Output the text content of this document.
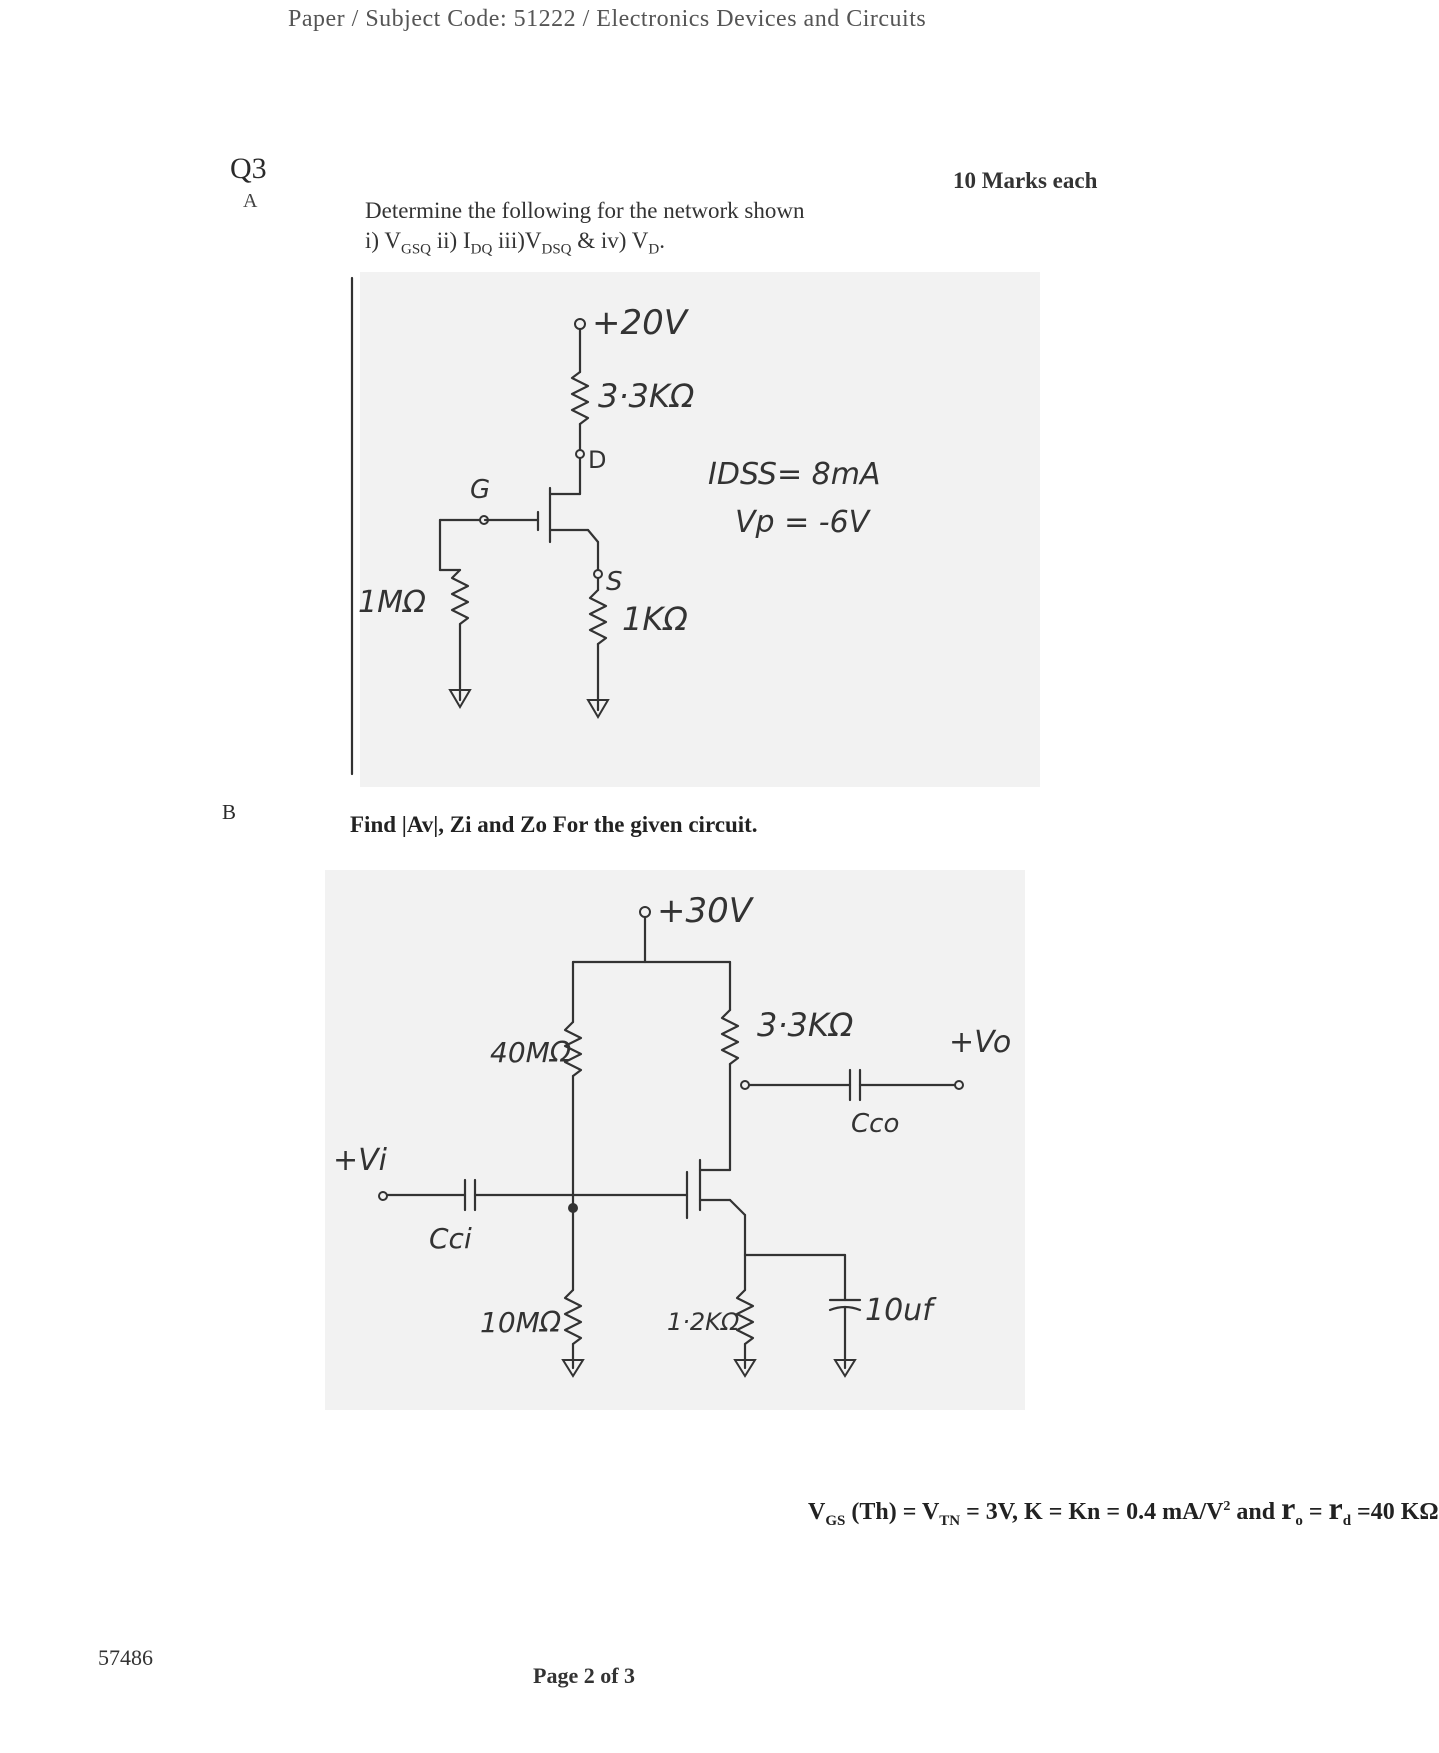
Paper / Subject Code: 51222 / Electronics Devices and Circuits
Q3
A
10 Marks each
Determine the following for the network shown
i) $V_{GSQ}$ ii) $I_{DQ}$ $iii)V_{DSQ}$ & iv) $V_D$.
+20V
3·3KΩ
D
G
1MΩ
S
1KΩ
IDSS= 8mA
Vp = -6V
B	Find |Av|, Zi and Zo For the given circuit.
+30V
40MΩ
3·3KΩ
Cco
+Vo
+Vi
Cci
10MΩ	1·2KΩ	10uf
$V_{GS}$ $(Th) = V_{TN} = 3V$, K = Kn = 0.4 $mA/V^2$ and $r_o = r_d =40$ KΩ
57486
Page 2 of 3
